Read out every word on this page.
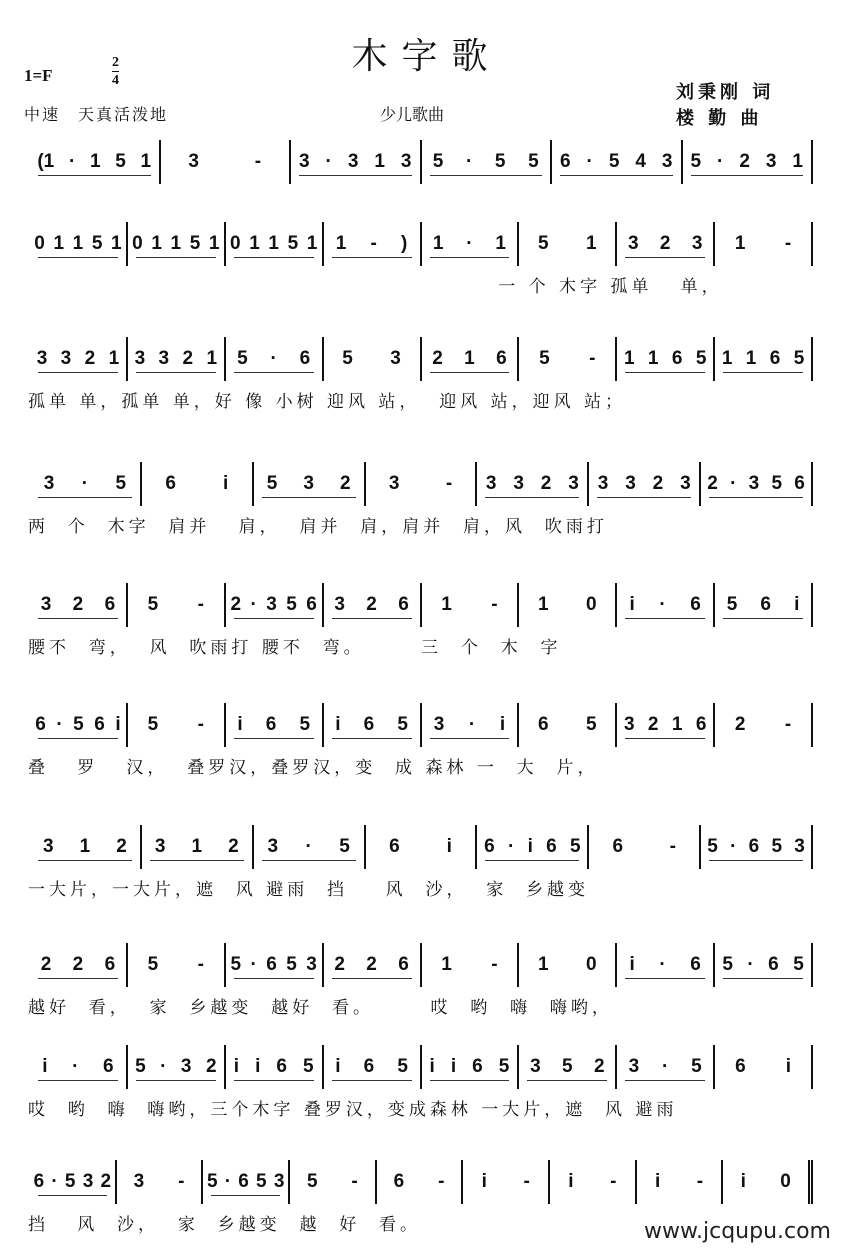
木字歌
1=F
2
4
中速　天真活泼地	少儿歌曲
刘秉刚 词
楼 勤 曲
(1 · 1 5 1 3	- 3 · 3 1 3 5 · 5 5 6 · 5 4 3 5 · 2 3 1
0 1 1 5 1 0 1 1 5 1 0 1 1 5 1 1 - ) 1 · 1 5 1 3 2 3 1 -
一 个 木字 孤单   单，
3 3 2 1 3 3 2 1 5 · 6 5 3 2 1 6 5 - 1 1 6 5 1 1 6 5
孤单 单，孤单 单，好 像 小树 迎风 站，  迎风 站，迎风 站；
3 · 5 6 i 5 3 2 3 - 3 3 2 3 3 3 2 3 2 · 3 5 6
两  个  木字  肩并   肩，  肩并  肩，肩并  肩，风  吹雨打
3 2 6 5 - 2 · 3 5 6 3 2 6 1 - 1 0 i · 6 5 6 i
腰不  弯，  风  吹雨打 腰不  弯。      三  个  木  字
6 · 5 6 i 5 - i 6 5 i 6 5 3 · i 6 5 3 2 1 6 2 -
叠   罗   汉，  叠罗汉，叠罗汉，变  成 森林 一  大  片，
3 1 2 3 1 2 3 · 5 6 i 6 · i 6 5 6 - 5 · 6 5 3
一大片，一大片，遮  风 避雨  挡    风  沙，  家  乡越变
2 2 6 5 - 5 · 6 5 3 2 2 6 1 - 1 0 i · 6 5 · 6 5
越好  看，  家  乡越变  越好  看。      哎  哟  嗨  嗨哟，
i · 6 5 · 3 2 i i 6 5 i 6 5 i i 6 5 3 5 2 3 · 5 6 i
哎  哟  嗨  嗨哟，三个木字 叠罗汉，变成森林 一大片，遮  风 避雨
6 · 5 3 2 3 - 5 · 6 5 3 5 - 6 - i - i - i - i 0
挡   风  沙，  家  乡越变  越  好  看。	www.jcqupu.com
